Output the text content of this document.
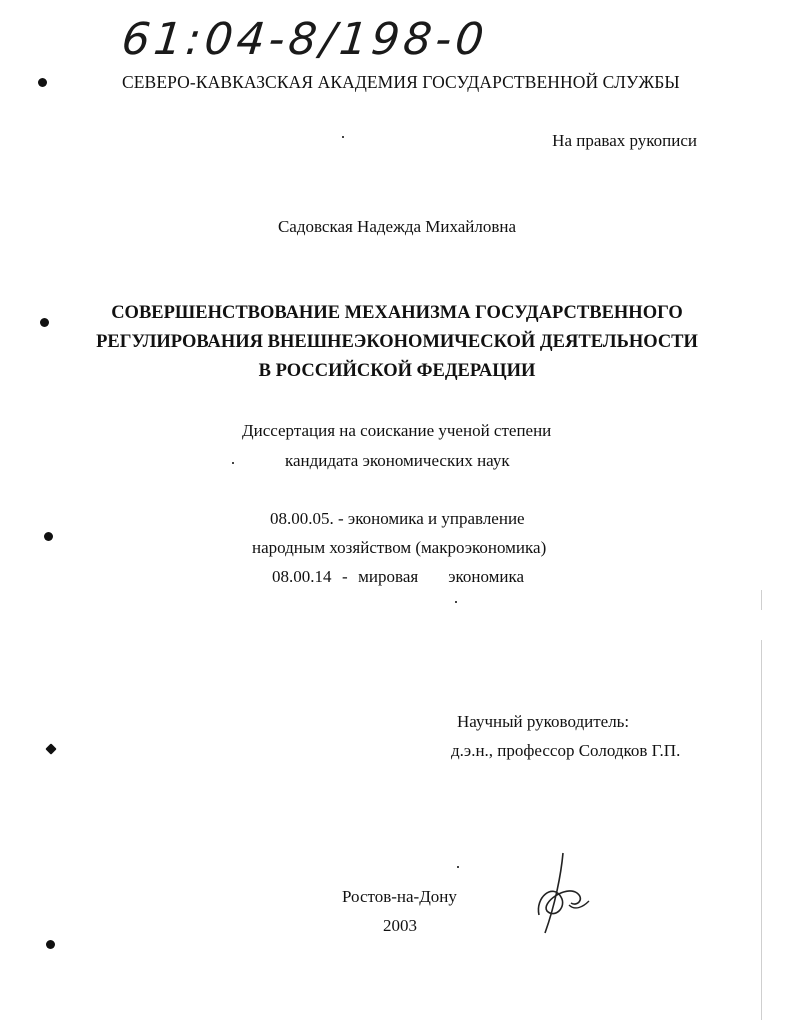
61:04-8/198-0
СЕВЕРО-КАВКАЗСКАЯ АКАДЕМИЯ ГОСУДАРСТВЕННОЙ СЛУЖБЫ
На правах рукописи
Садовская Надежда Михайловна
СОВЕРШЕНСТВОВАНИЕ МЕХАНИЗМА ГОСУДАРСТВЕННОГО
РЕГУЛИРОВАНИЯ ВНЕШНЕЭКОНОМИЧЕСКОЙ ДЕЯТЕЛЬНОСТИ
В РОССИЙСКОЙ ФЕДЕРАЦИИ
Диссертация на соискание ученой степени
кандидата экономических наук
08.00.05. - экономика и управление
народным хозяйством (макроэкономика)
08.00.14  -  мировая экономика
Научный руководитель:
д.э.н., профессор Солодков Г.П.
Ростов-на-Дону
2003
